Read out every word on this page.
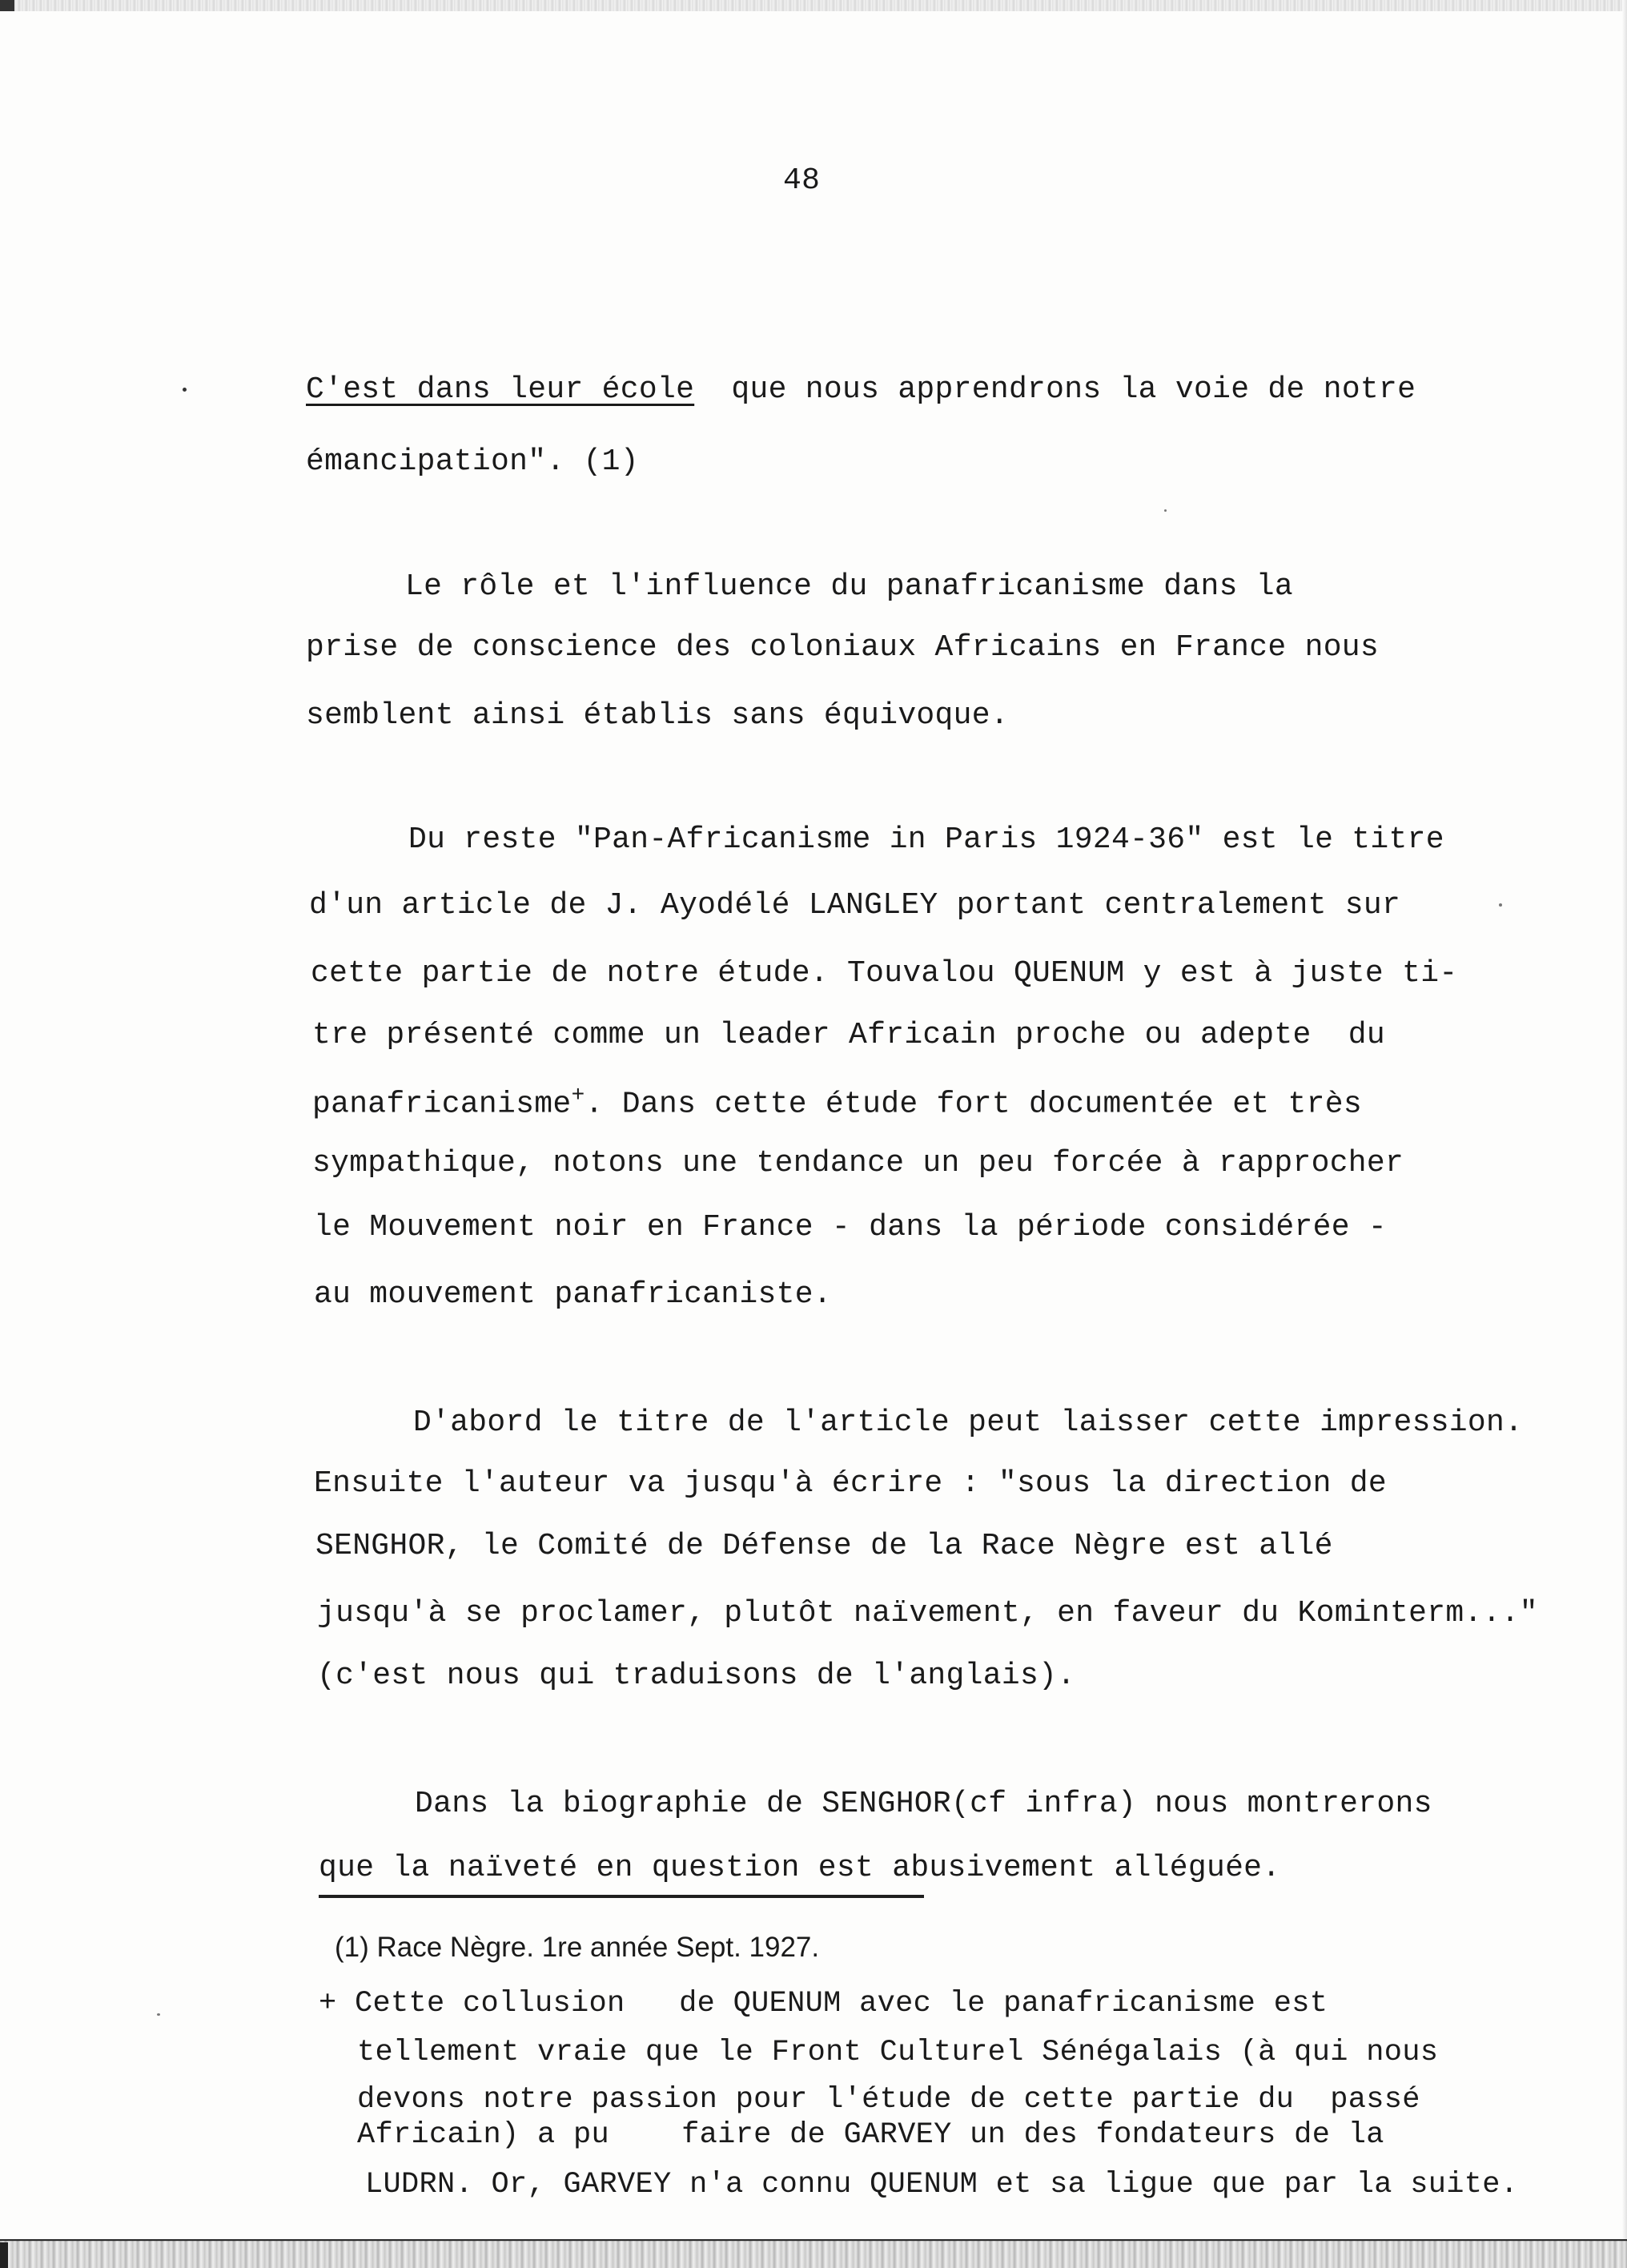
48
C'est dans leur école  que nous apprendrons la voie de notre
émancipation". (1)
Le rôle et l'influence du panafricanisme dans la
prise de conscience des coloniaux Africains en France nous
semblent ainsi établis sans équivoque.
Du reste "Pan-Africanisme in Paris 1924-36" est le titre
d'un article de J. Ayodélé LANGLEY portant centralement sur
cette partie de notre étude. Touvalou QUENUM y est à juste ti-
tre présenté comme un leader Africain proche ou adepte  du
panafricanisme+. Dans cette étude fort documentée et très
sympathique, notons une tendance un peu forcée à rapprocher
le Mouvement noir en France - dans la période considérée -
au mouvement panafricaniste.
D'abord le titre de l'article peut laisser cette impression.
Ensuite l'auteur va jusqu'à écrire : "sous la direction de
SENGHOR, le Comité de Défense de la Race Nègre est allé
jusqu'à se proclamer, plutôt naïvement, en faveur du Kominterm..."
(c'est nous qui traduisons de l'anglais).
Dans la biographie de SENGHOR(cf infra) nous montrerons
que la naïveté en question est abusivement alléguée.
(1) Race Nègre. 1re année Sept. 1927.
+ Cette collusion   de QUENUM avec le panafricanisme est
tellement vraie que le Front Culturel Sénégalais (à qui nous
devons notre passion pour l'étude de cette partie du  passé
Africain) a pu    faire de GARVEY un des fondateurs de la
LUDRN. Or, GARVEY n'a connu QUENUM et sa ligue que par la suite.
